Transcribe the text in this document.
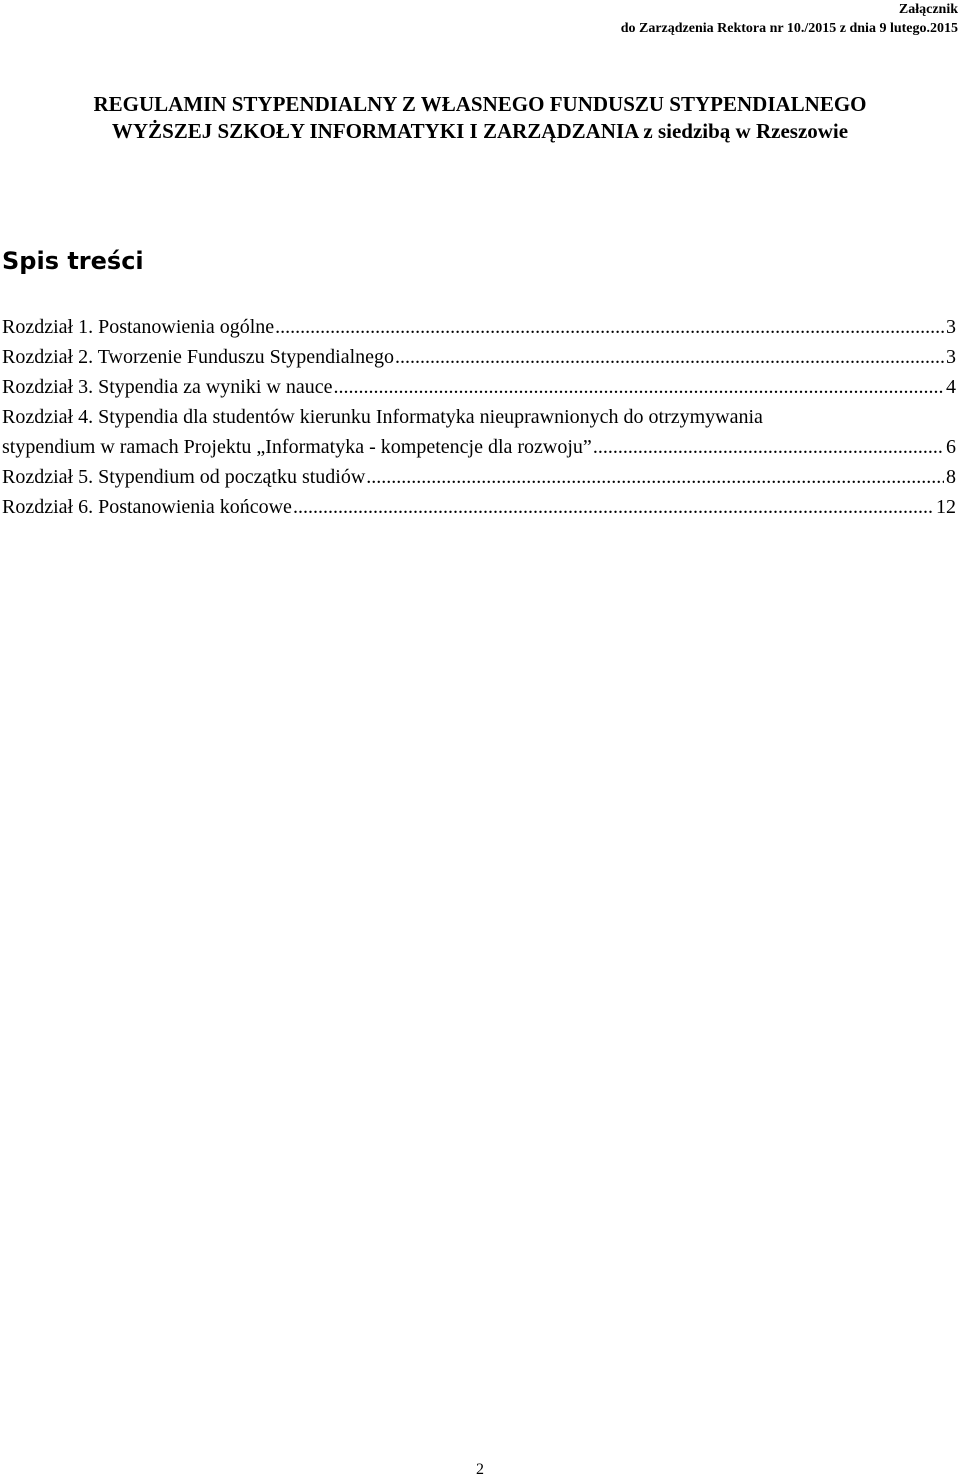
Załącznik
do Zarządzenia Rektora nr 10./2015 z dnia 9 lutego.2015
REGULAMIN STYPENDIALNY Z WŁASNEGO FUNDUSZU STYPENDIALNEGO
WYŻSZEJ SZKOŁY INFORMATYKI I ZARZĄDZANIA z siedzibą w Rzeszowie
Spis treści
Rozdział 1. Postanowienia ogólne .....	3
Rozdział 2. Tworzenie Funduszu Stypendialnego .....	3
Rozdział 3. Stypendia za wyniki w nauce .....	4
Rozdział 4. Stypendia dla studentów kierunku Informatyka nieuprawnionych do otrzymywania
stypendium w ramach Projektu „Informatyka - kompetencje dla rozwoju” .....	6
Rozdział 5. Stypendium od początku studiów .....	8
Rozdział 6. Postanowienia końcowe .....	12
2
